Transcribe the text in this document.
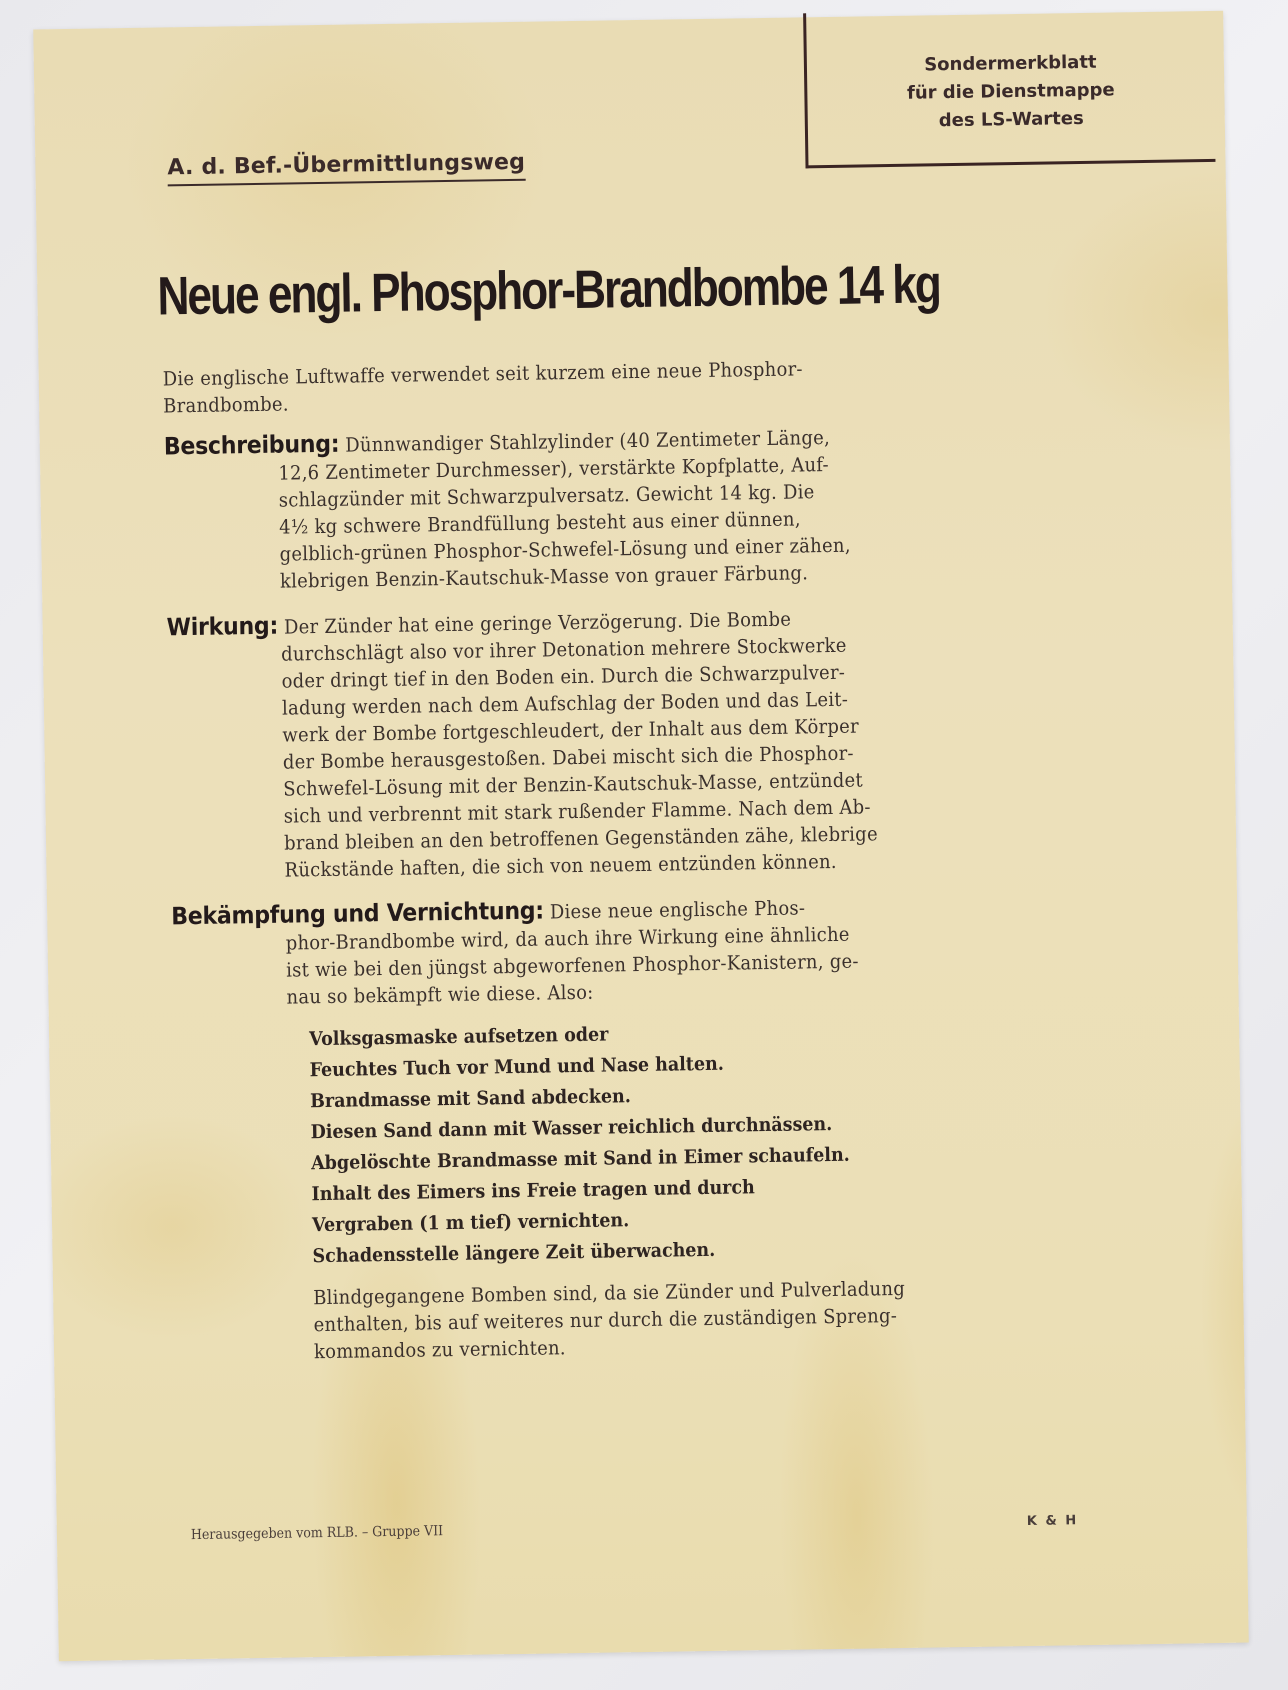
A. d. Bef.-Übermittlungsweg
Sondermerkblatt
für die Dienstmappe
des LS-Wartes
Neue engl. Phosphor-Brandbombe 14 kg
Die englische Luftwaffe verwendet seit kurzem eine neue Phosphor-
Brandbombe.
Beschreibung: Dünnwandiger Stahlzylinder (40 Zentimeter Länge,
12,6 Zentimeter Durchmesser), verstärkte Kopfplatte, Auf-
schlagzünder mit Schwarzpulversatz. Gewicht 14 kg. Die
4½ kg schwere Brandfüllung besteht aus einer dünnen,
gelblich-grünen Phosphor-Schwefel-Lösung und einer zähen,
klebrigen Benzin-Kautschuk-Masse von grauer Färbung.
Wirkung: Der Zünder hat eine geringe Verzögerung. Die Bombe
durchschlägt also vor ihrer Detonation mehrere Stockwerke
oder dringt tief in den Boden ein. Durch die Schwarzpulver-
ladung werden nach dem Aufschlag der Boden und das Leit-
werk der Bombe fortgeschleudert, der Inhalt aus dem Körper
der Bombe herausgestoßen. Dabei mischt sich die Phosphor-
Schwefel-Lösung mit der Benzin-Kautschuk-Masse, entzündet
sich und verbrennt mit stark rußender Flamme. Nach dem Ab-
brand bleiben an den betroffenen Gegenständen zähe, klebrige
Rückstände haften, die sich von neuem entzünden können.
Bekämpfung und Vernichtung: Diese neue englische Phos-
phor-Brandbombe wird, da auch ihre Wirkung eine ähnliche
ist wie bei den jüngst abgeworfenen Phosphor-Kanistern, ge-
nau so bekämpft wie diese. Also:
Volksgasmaske aufsetzen oder
Feuchtes Tuch vor Mund und Nase halten.
Brandmasse mit Sand abdecken.
Diesen Sand dann mit Wasser reichlich durchnässen.
Abgelöschte Brandmasse mit Sand in Eimer schaufeln.
Inhalt des Eimers ins Freie tragen und durch
Vergraben (1 m tief) vernichten.
Schadensstelle längere Zeit überwachen.
Blindgegangene Bomben sind, da sie Zünder und Pulverladung
enthalten, bis auf weiteres nur durch die zuständigen Spreng-
kommandos zu vernichten.
Herausgegeben vom RLB. – Gruppe VII
K & H
